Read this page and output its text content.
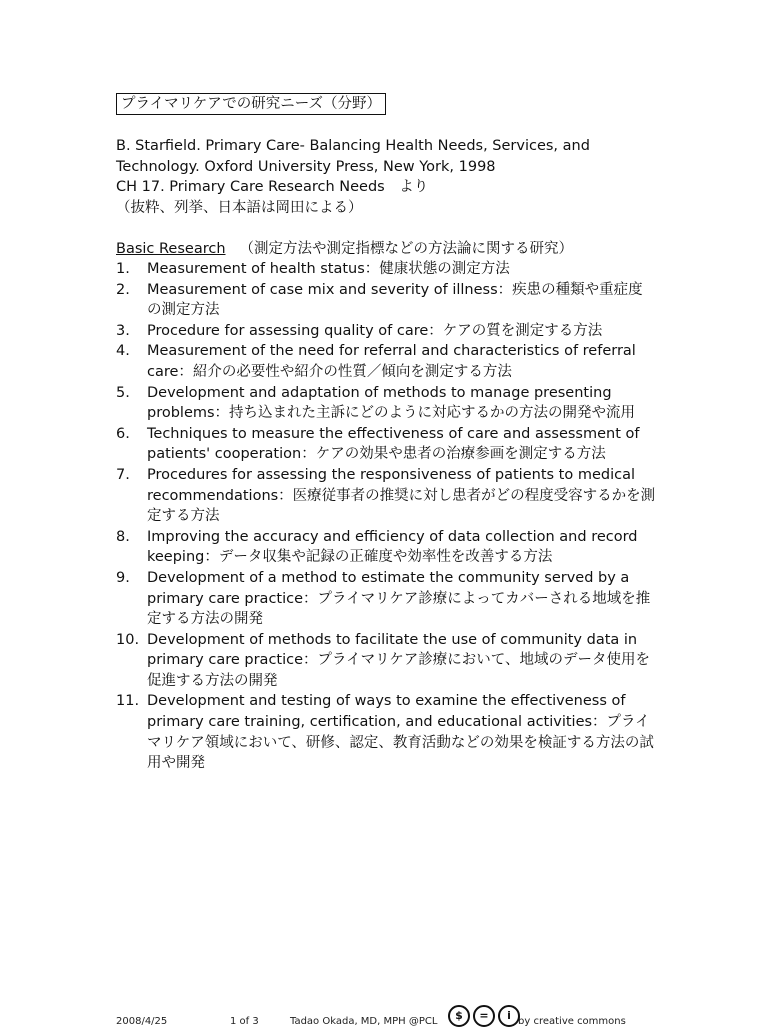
プライマリケアでの研究ニーズ（分野）
B. Starfield. Primary Care- Balancing Health Needs, Services, and
Technology. Oxford University Press, New York, 1998
CH 17. Primary Care Research Needs　より
（抜粋、列挙、日本語は岡田による）
Basic Research （測定方法や測定指標などの方法論に関する研究）
1. Measurement of health status：健康状態の測定方法
2. Measurement of case mix and severity of illness：疾患の種類や重症度の測定方法
3. Procedure for assessing quality of care：ケアの質を測定する方法
4. Measurement of the need for referral and characteristics of referral care：紹介の必要性や紹介の性質／傾向を測定する方法
5. Development and adaptation of methods to manage presenting problems：持ち込まれた主訴にどのように対応するかの方法の開発や流用
6. Techniques to measure the effectiveness of care and assessment of patients' cooperation：ケアの効果や患者の治療参画を測定する方法
7. Procedures for assessing the responsiveness of patients to medical recommendations：医療従事者の推奨に対し患者がどの程度受容するかを測定する方法
8. Improving the accuracy and efficiency of data collection and record keeping：データ収集や記録の正確度や効率性を改善する方法
9. Development of a method to estimate the community served by a primary care practice：プライマリケア診療によってカバーされる地域を推定する方法の開発
10. Development of methods to facilitate the use of community data in primary care practice：プライマリケア診療において、地域のデータ使用を促進する方法の開発
11. Development and testing of ways to examine the effectiveness of primary care training, certification, and educational activities：プライマリケア領域において、研修、認定、教育活動などの効果を検証する方法の試用や開発
2008/4/25	1 of 3	Tadao Okada, MD, MPH @PCL	by creative commons
$ = i
